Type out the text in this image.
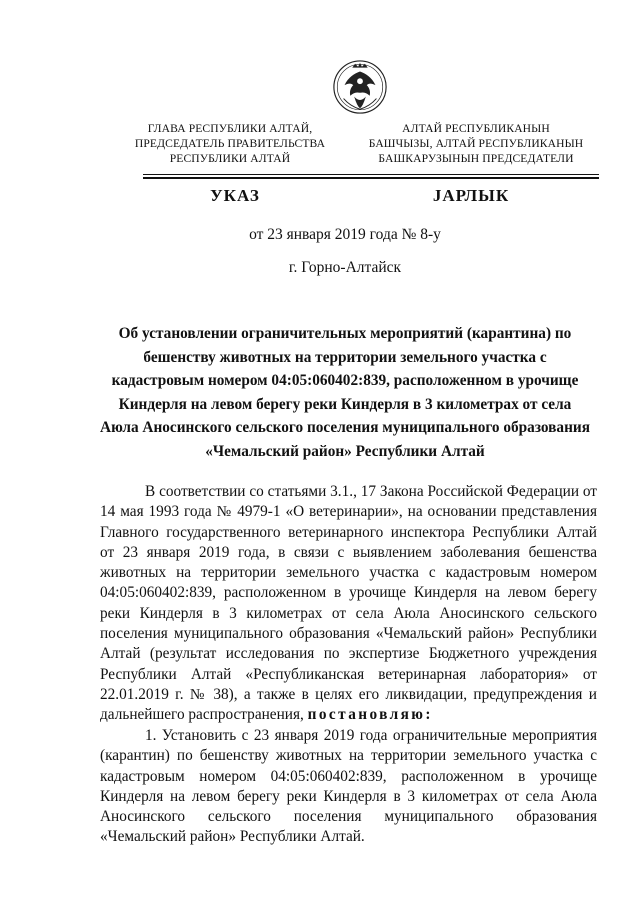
ГЛАВА РЕСПУБЛИКИ АЛТАЙ,
ПРЕДСЕДАТЕЛЬ ПРАВИТЕЛЬСТВА
РЕСПУБЛИКИ АЛТАЙ
АЛТАЙ РЕСПУБЛИКАНЫН
БАШЧЫЗЫ, АЛТАЙ РЕСПУБЛИКАНЫН
БАШКАРУЗЫНЫН ПРЕДСЕДАТЕЛИ
УКАЗ	JАРЛЫК
от 23 января 2019 года № 8-у
г. Горно-Алтайск
Об установлении ограничительных мероприятий (карантина) по
бешенству животных на территории земельного участка с
кадастровым номером 04:05:060402:839, расположенном в урочище
Киндерля на левом берегу реки Киндерля в 3 километрах от села
Аюла Аносинского сельского поселения муниципального образования
«Чемальский район» Республики Алтай
В соответствии со статьями 3.1., 17 Закона Российской Федерации от
14 мая 1993 года № 4979-1 «О ветеринарии», на основании представления
Главного государственного ветеринарного инспектора Республики Алтай
от 23 января 2019 года, в связи с выявлением заболевания бешенства
животных на территории земельного участка с кадастровым номером
04:05:060402:839, расположенном в урочище Киндерля на левом берегу
реки Киндерля в 3 километрах от села Аюла Аносинского сельского
поселения муниципального образования «Чемальский район» Республики
Алтай (результат исследования по экспертизе Бюджетного учреждения
Республики Алтай «Республиканская ветеринарная лаборатория» от
22.01.2019 г. № 38), а также в целях его ликвидации, предупреждения и
дальнейшего распространения, постановляю:
1. Установить с 23 января 2019 года ограничительные мероприятия
(карантин) по бешенству животных на территории земельного участка с
кадастровым номером 04:05:060402:839, расположенном в урочище
Киндерля на левом берегу реки Киндерля в 3 километрах от села Аюла
Аносинского сельского поселения муниципального образования
«Чемальский район» Республики Алтай.
